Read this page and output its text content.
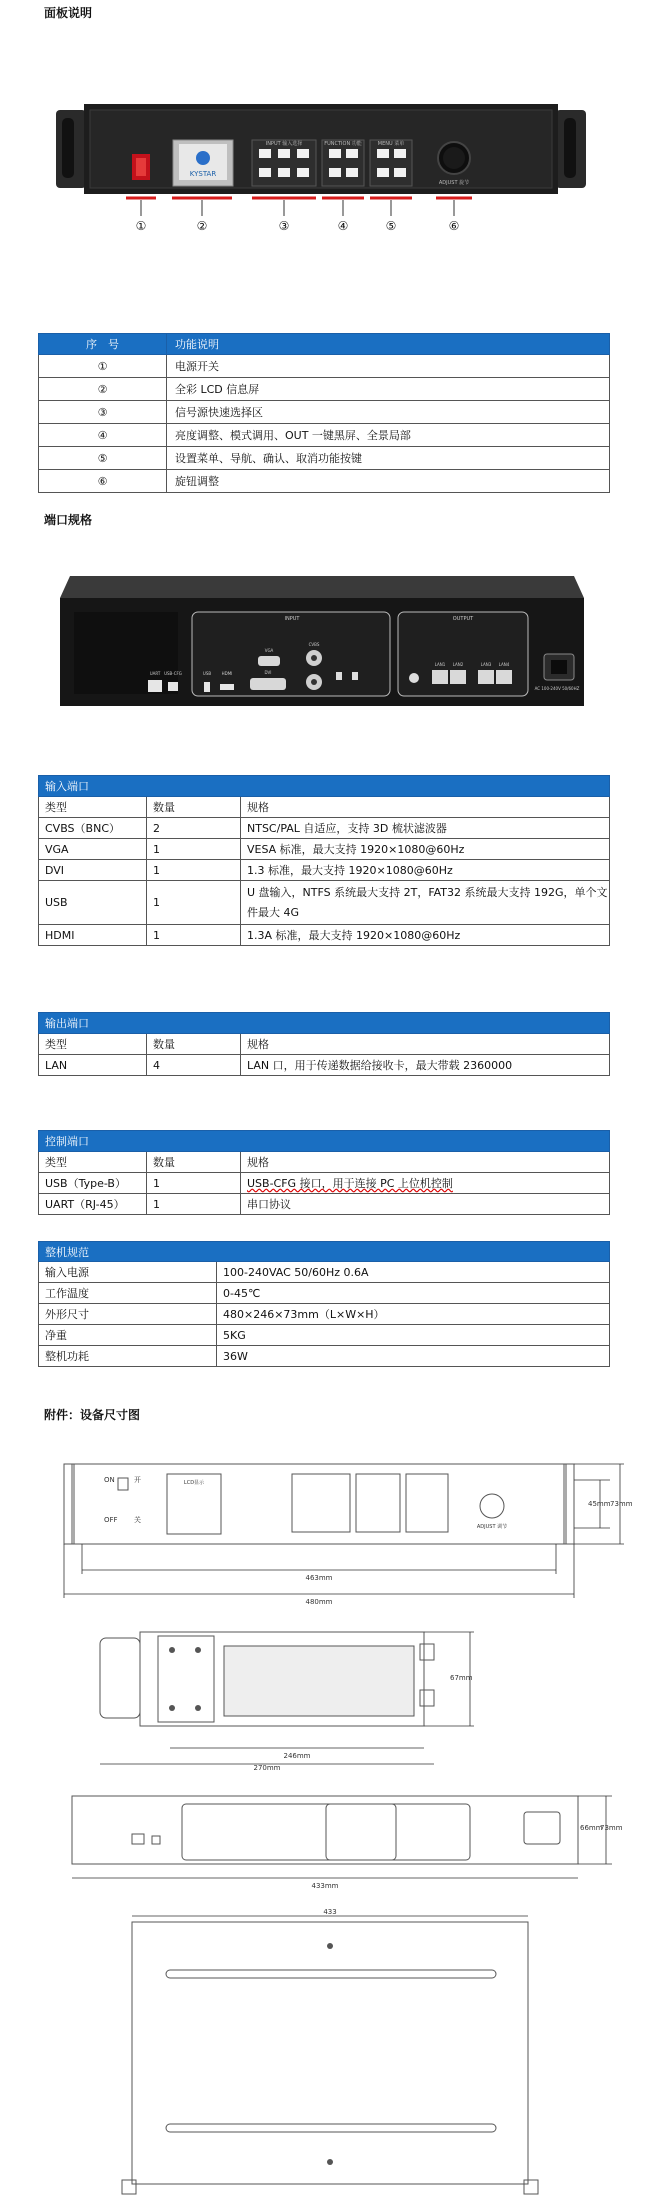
面板说明
KYSTAR
INPUT 输入选择	FUNCTION 功能	MENU 菜单
ADJUST 旋节
①	②	③	④	⑤	⑥
序　号	功能说明
①	电源开关
②	全彩 LCD 信息屏
③	信号源快速选择区
④	亮度调整、模式调用、OUT 一键黑屏、全景局部
⑤	设置菜单、导航、确认、取消功能按键
⑥	旋钮调整
端口规格
INPUT	OUTPUT
UART USB-CFG	USB	HDMI
VGA
DVI
CVBS
LAN1 LAN2	LAN3 LAN4
AC 100-240V 50/60HZ
输入端口		
类型	数量	规格
CVBS（BNC）	2	NTSC/PAL 自适应，支持 3D 梳状滤波器
VGA	1	VESA 标准，最大支持 1920×1080@60Hz
DVI	1	1.3 标准，最大支持 1920×1080@60Hz
USB	1	U 盘输入，NTFS 系统最大支持 2T，FAT32 系统最大支持 192G，单个文件最大 4G
HDMI	1	1.3A 标准，最大支持 1920×1080@60Hz
输出端口		
类型	数量	规格
LAN	4	LAN 口，用于传递数据给接收卡，最大带载 2360000
控制端口		
类型	数量	规格
USB（Type-B）	1	USB-CFG 接口，用于连接 PC 上位机控制
UART（RJ-45）	1	串口协议
整机规范	
输入电源	100-240VAC 50/60Hz 0.6A
工作温度	0-45℃
外形尺寸	480×246×73mm（L×W×H）
净重	5KG
整机功耗	36W
附件：设备尺寸图
ON
OFF
开
关
LCD显示
ADJUST 调节
463mm
480mm
45mm 73mm
246mm
270mm
67mm
433mm
66mm
73mm
433
